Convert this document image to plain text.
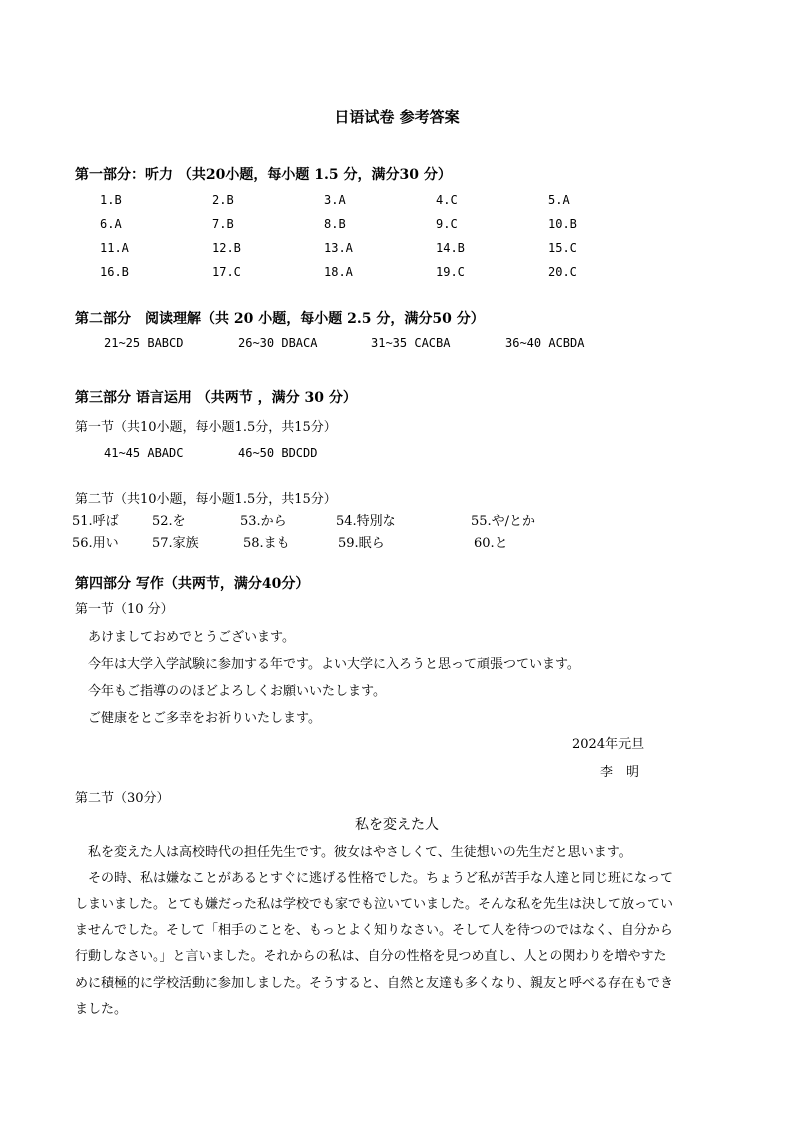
日语试卷 参考答案
第一部分：听力 （共20小题，每小题 1.5 分，满分30 分）
1.B	2.B	3.A	4.C	5.A
6.A	7.B	8.B	9.C	10.B
11.A	12.B	13.A	14.B	15.C
16.B	17.C	18.A	19.C	20.C
第二部分　阅读理解（共 20 小题，每小题 2.5 分，满分50 分）
21~25 BABCD	26~30 DBACA	31~35 CACBA	36~40 ACBDA
第三部分 语言运用 （共两节 ，满分 30 分）
第一节（共10小题，每小题1.5分，共15分）
41~45 ABADC	46~50 BDCDD
第二节（共10小题，每小题1.5分，共15分）
51.呼ば	52.を	53.から	54.特別な	55.や/とか
56.用い	57.家族	58.まも	59.眠ら	60.と
第四部分 写作（共两节，满分40分）
第一节（10 分）
あけましておめでとうございます。
今年は大学入学試験に参加する年です。よい大学に入ろうと思って頑張つています。
今年もご指導ののほどよろしくお願いいたします。
ご健康をとご多幸をお祈りいたします。
2024年元旦
李　明
第二节（30分）
私を変えた人
　私を変えた人は高校時代の担任先生です。彼女はやさしくて、生徒想いの先生だと思います。
　その時、私は嫌なことがあるとすぐに逃げる性格でした。ちょうど私が苦手な人達と同じ班になって
しまいました。とても嫌だった私は学校でも家でも泣いていました。そんな私を先生は決して放ってい
ませんでした。そして「相手のことを、もっとよく知りなさい。そして人を待つのではなく、自分から
行動しなさい。」と言いました。それからの私は、自分の性格を見つめ直し、人との関わりを増やすた
めに積極的に学校活動に参加しました。そうすると、自然と友達も多くなり、親友と呼べる存在もでき
ました。
